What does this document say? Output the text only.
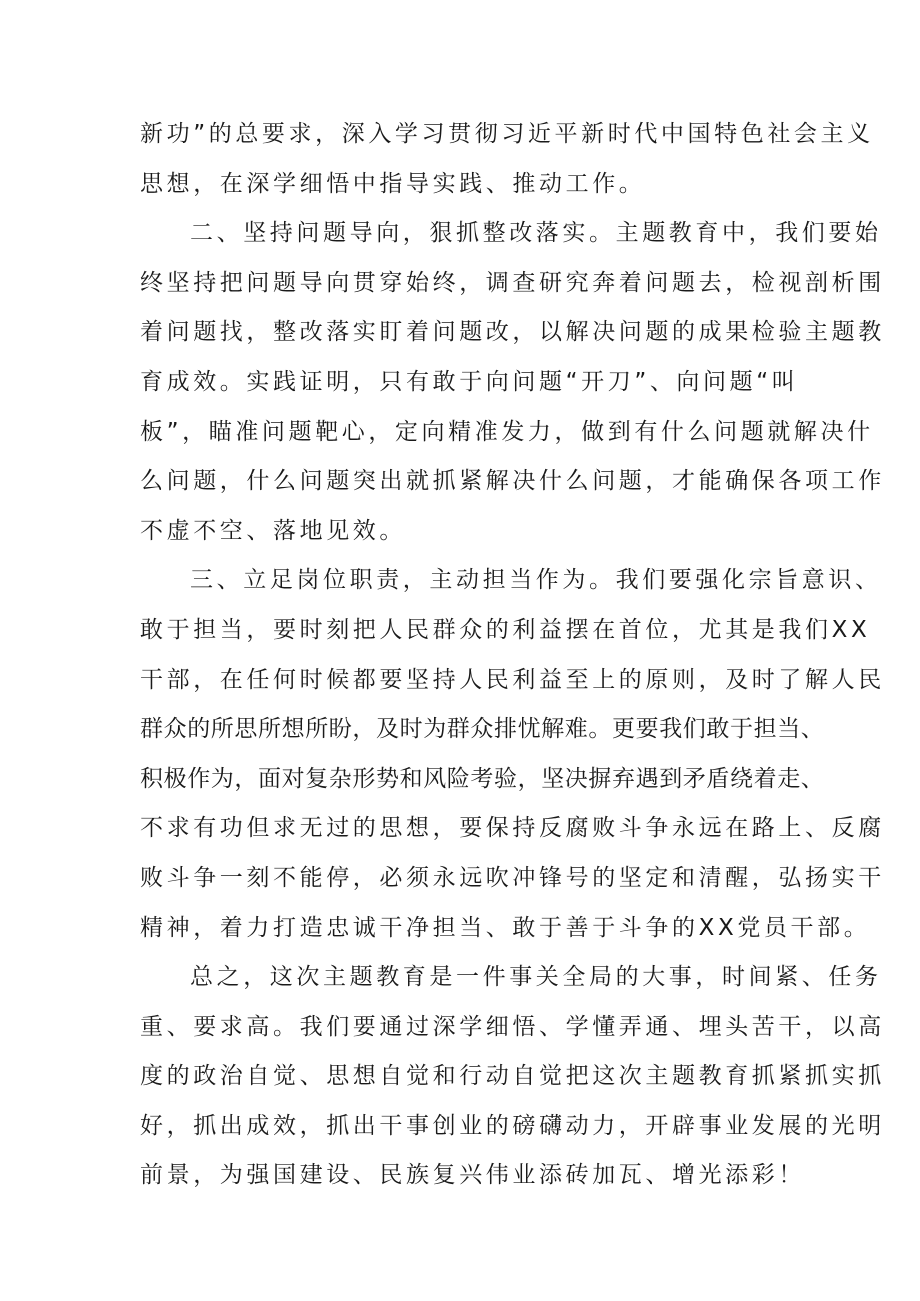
新功”的总要求，深入学习贯彻习近平新时代中国特色社会主义
思想，在深学细悟中指导实践、推动工作。
二、坚持问题导向，狠抓整改落实。主题教育中，我们要始
终坚持把问题导向贯穿始终，调查研究奔着问题去，检视剖析围
着问题找，整改落实盯着问题改，以解决问题的成果检验主题教
育成效。实践证明，只有敢于向问题“开刀”、向问题“叫
板”，瞄准问题靶心，定向精准发力，做到有什么问题就解决什
么问题，什么问题突出就抓紧解决什么问题，才能确保各项工作
不虚不空、落地见效。
三、立足岗位职责，主动担当作为。我们要强化宗旨意识、
敢于担当，要时刻把人民群众的利益摆在首位，尤其是我们XX
干部，在任何时候都要坚持人民利益至上的原则，及时了解人民
群众的所思所想所盼，及时为群众排忧解难。更要我们敢于担当、
积极作为，面对复杂形势和风险考验，坚决摒弃遇到矛盾绕着走、
不求有功但求无过的思想，要保持反腐败斗争永远在路上、反腐
败斗争一刻不能停，必须永远吹冲锋号的坚定和清醒，弘扬实干
精神，着力打造忠诚干净担当、敢于善于斗争的XX党员干部。
总之，这次主题教育是一件事关全局的大事，时间紧、任务
重、要求高。我们要通过深学细悟、学懂弄通、埋头苦干，以高
度的政治自觉、思想自觉和行动自觉把这次主题教育抓紧抓实抓
好，抓出成效，抓出干事创业的磅礴动力，开辟事业发展的光明
前景，为强国建设、民族复兴伟业添砖加瓦、增光添彩！
